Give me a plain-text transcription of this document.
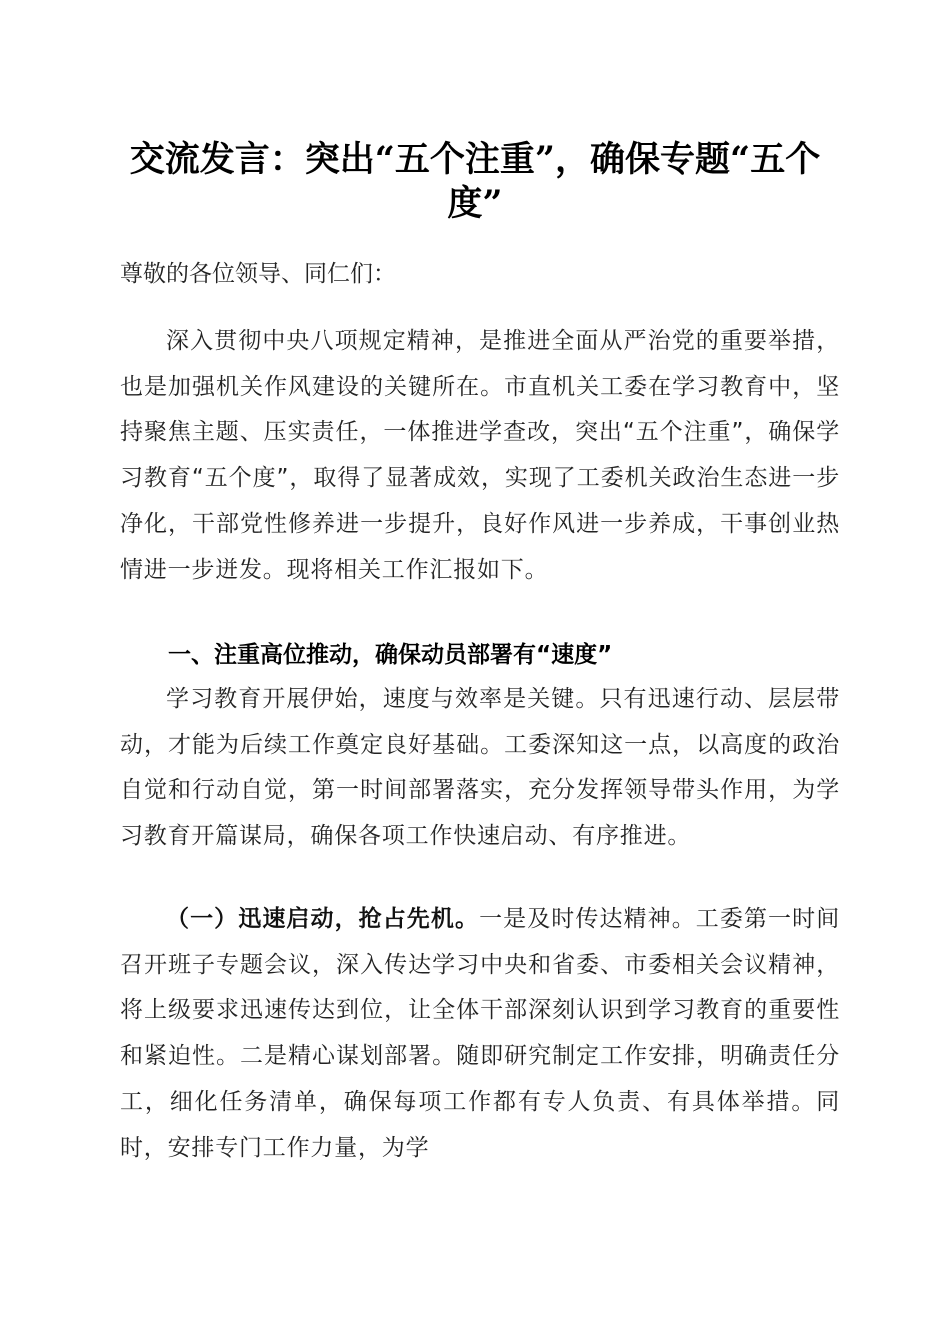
交流发言：突出“五个注重”，确保专题“五个度”
尊敬的各位领导、同仁们：

深入贯彻中央八项规定精神，是推进全面从严治党的重要举措，也是加强机关作风建设的关键所在。市直机关工委在学习教育中，坚持聚焦主题、压实责任，一体推进学查改，突出“五个注重”，确保学习教育“五个度”，取得了显著成效，实现了工委机关政治生态进一步净化，干部党性修养进一步提升，良好作风进一步养成，干事创业热情进一步迸发。现将相关工作汇报如下。

一、注重高位推动，确保动员部署有“速度”

学习教育开展伊始，速度与效率是关键。只有迅速行动、层层带动，才能为后续工作奠定良好基础。工委深知这一点，以高度的政治自觉和行动自觉，第一时间部署落实，充分发挥领导带头作用，为学习教育开篇谋局，确保各项工作快速启动、有序推进。

（一）迅速启动，抢占先机。一是及时传达精神。工委第一时间召开班子专题会议，深入传达学习中央和省委、市委相关会议精神，将上级要求迅速传达到位，让全体干部深刻认识到学习教育的重要性和紧迫性。二是精心谋划部署。随即研究制定工作安排，明确责任分工，细化任务清单，确保每项工作都有专人负责、有具体举措。同时，安排专门工作力量，为学
